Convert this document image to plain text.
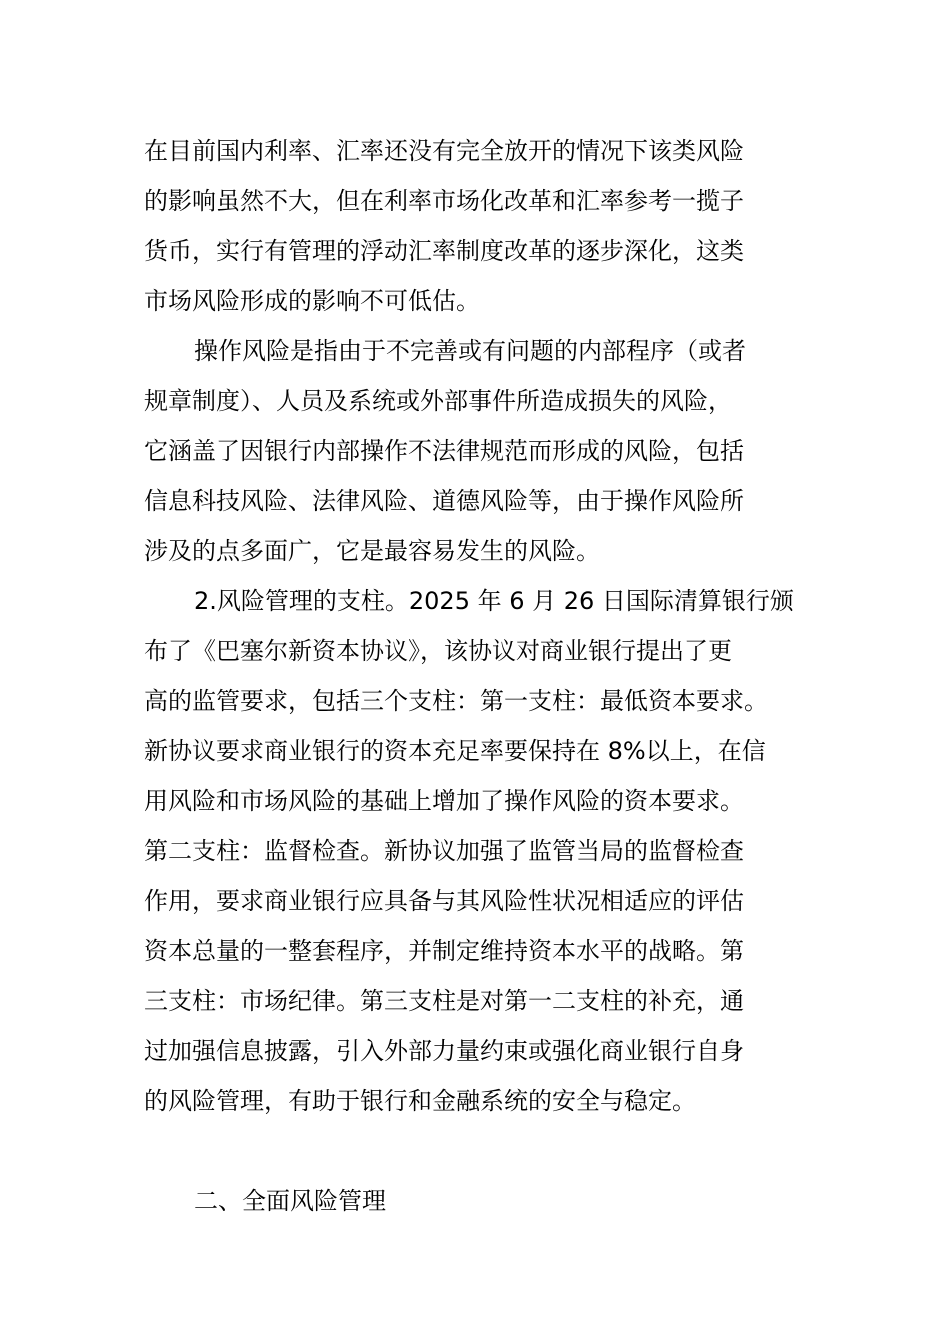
在目前国内利率、汇率还没有完全放开的情况下该类风险
的影响虽然不大，但在利率市场化改革和汇率参考一揽子
货币，实行有管理的浮动汇率制度改革的逐步深化，这类
市场风险形成的影响不可低估。
操作风险是指由于不完善或有问题的内部程序（或者
规章制度）、人员及系统或外部事件所造成损失的风险，
它涵盖了因银行内部操作不法律规范而形成的风险，包括
信息科技风险、法律风险、道德风险等，由于操作风险所
涉及的点多面广，它是最容易发生的风险。
2.风险管理的支柱。2025 年 6 月 26 日国际清算银行颁
布了《巴塞尔新资本协议》，该协议对商业银行提出了更
高的监管要求，包括三个支柱：第一支柱：最低资本要求。
新协议要求商业银行的资本充足率要保持在 8%以上，在信
用风险和市场风险的基础上增加了操作风险的资本要求。
第二支柱：监督检查。新协议加强了监管当局的监督检查
作用，要求商业银行应具备与其风险性状况相适应的评估
资本总量的一整套程序，并制定维持资本水平的战略。第
三支柱：市场纪律。第三支柱是对第一二支柱的补充，通
过加强信息披露，引入外部力量约束或强化商业银行自身
的风险管理，有助于银行和金融系统的安全与稳定。
二、全面风险管理
